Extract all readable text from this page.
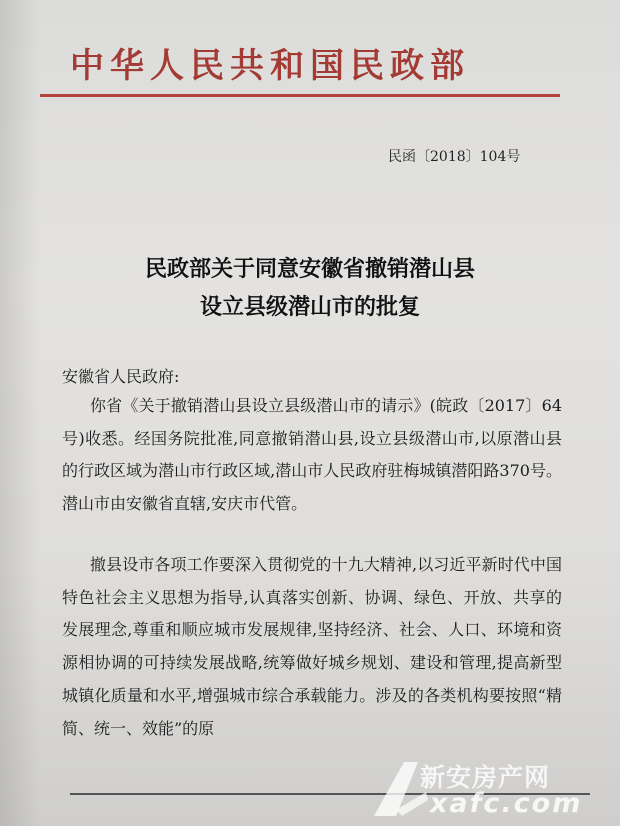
中华人民共和国民政部
民函〔2018〕104号
民政部关于同意安徽省撤销潜山县
设立县级潜山市的批复
安徽省人民政府:
你省《关于撤销潜山县设立县级潜山市的请示》(皖政〔2017〕64号)收悉。经国务院批准,同意撤销潜山县,设立县级潜山市,以原潜山县的行政区域为潜山市行政区域,潜山市人民政府驻梅城镇潜阳路370号。潜山市由安徽省直辖,安庆市代管。
撤县设市各项工作要深入贯彻党的十九大精神,以习近平新时代中国特色社会主义思想为指导,认真落实创新、协调、绿色、开放、共享的发展理念,尊重和顺应城市发展规律,坚持经济、社会、人口、环境和资源相协调的可持续发展战略,统筹做好城乡规划、建设和管理,提高新型城镇化质量和水平,增强城市综合承载能力。涉及的各类机构要按照“精简、统一、效能”的原
新安房产网
xafc.com
